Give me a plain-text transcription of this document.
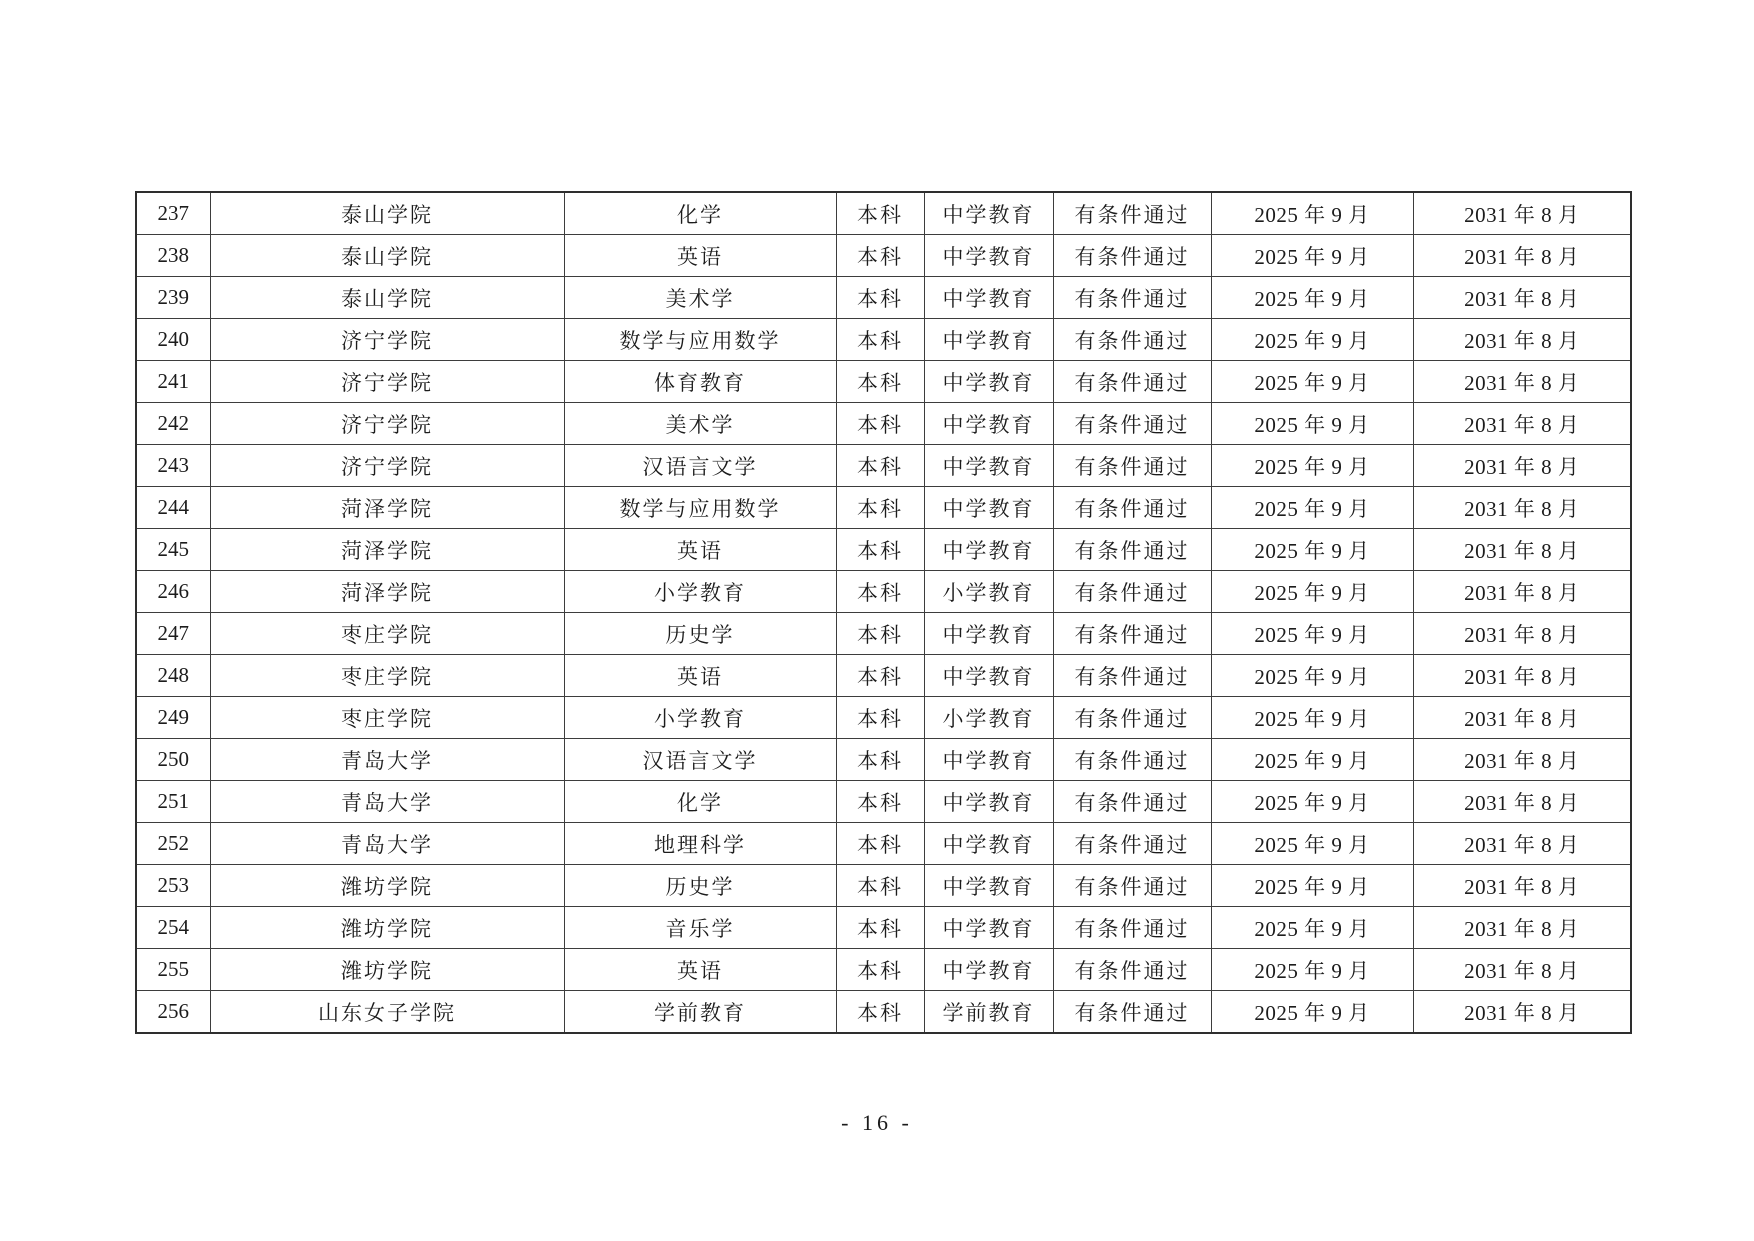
237	泰山学院	化学	本科	中学教育	有条件通过	2025 年 9 月	2031 年 8 月
238	泰山学院	英语	本科	中学教育	有条件通过	2025 年 9 月	2031 年 8 月
239	泰山学院	美术学	本科	中学教育	有条件通过	2025 年 9 月	2031 年 8 月
240	济宁学院	数学与应用数学	本科	中学教育	有条件通过	2025 年 9 月	2031 年 8 月
241	济宁学院	体育教育	本科	中学教育	有条件通过	2025 年 9 月	2031 年 8 月
242	济宁学院	美术学	本科	中学教育	有条件通过	2025 年 9 月	2031 年 8 月
243	济宁学院	汉语言文学	本科	中学教育	有条件通过	2025 年 9 月	2031 年 8 月
244	菏泽学院	数学与应用数学	本科	中学教育	有条件通过	2025 年 9 月	2031 年 8 月
245	菏泽学院	英语	本科	中学教育	有条件通过	2025 年 9 月	2031 年 8 月
246	菏泽学院	小学教育	本科	小学教育	有条件通过	2025 年 9 月	2031 年 8 月
247	枣庄学院	历史学	本科	中学教育	有条件通过	2025 年 9 月	2031 年 8 月
248	枣庄学院	英语	本科	中学教育	有条件通过	2025 年 9 月	2031 年 8 月
249	枣庄学院	小学教育	本科	小学教育	有条件通过	2025 年 9 月	2031 年 8 月
250	青岛大学	汉语言文学	本科	中学教育	有条件通过	2025 年 9 月	2031 年 8 月
251	青岛大学	化学	本科	中学教育	有条件通过	2025 年 9 月	2031 年 8 月
252	青岛大学	地理科学	本科	中学教育	有条件通过	2025 年 9 月	2031 年 8 月
253	潍坊学院	历史学	本科	中学教育	有条件通过	2025 年 9 月	2031 年 8 月
254	潍坊学院	音乐学	本科	中学教育	有条件通过	2025 年 9 月	2031 年 8 月
255	潍坊学院	英语	本科	中学教育	有条件通过	2025 年 9 月	2031 年 8 月
256	山东女子学院	学前教育	本科	学前教育	有条件通过	2025 年 9 月	2031 年 8 月
- 16 -
